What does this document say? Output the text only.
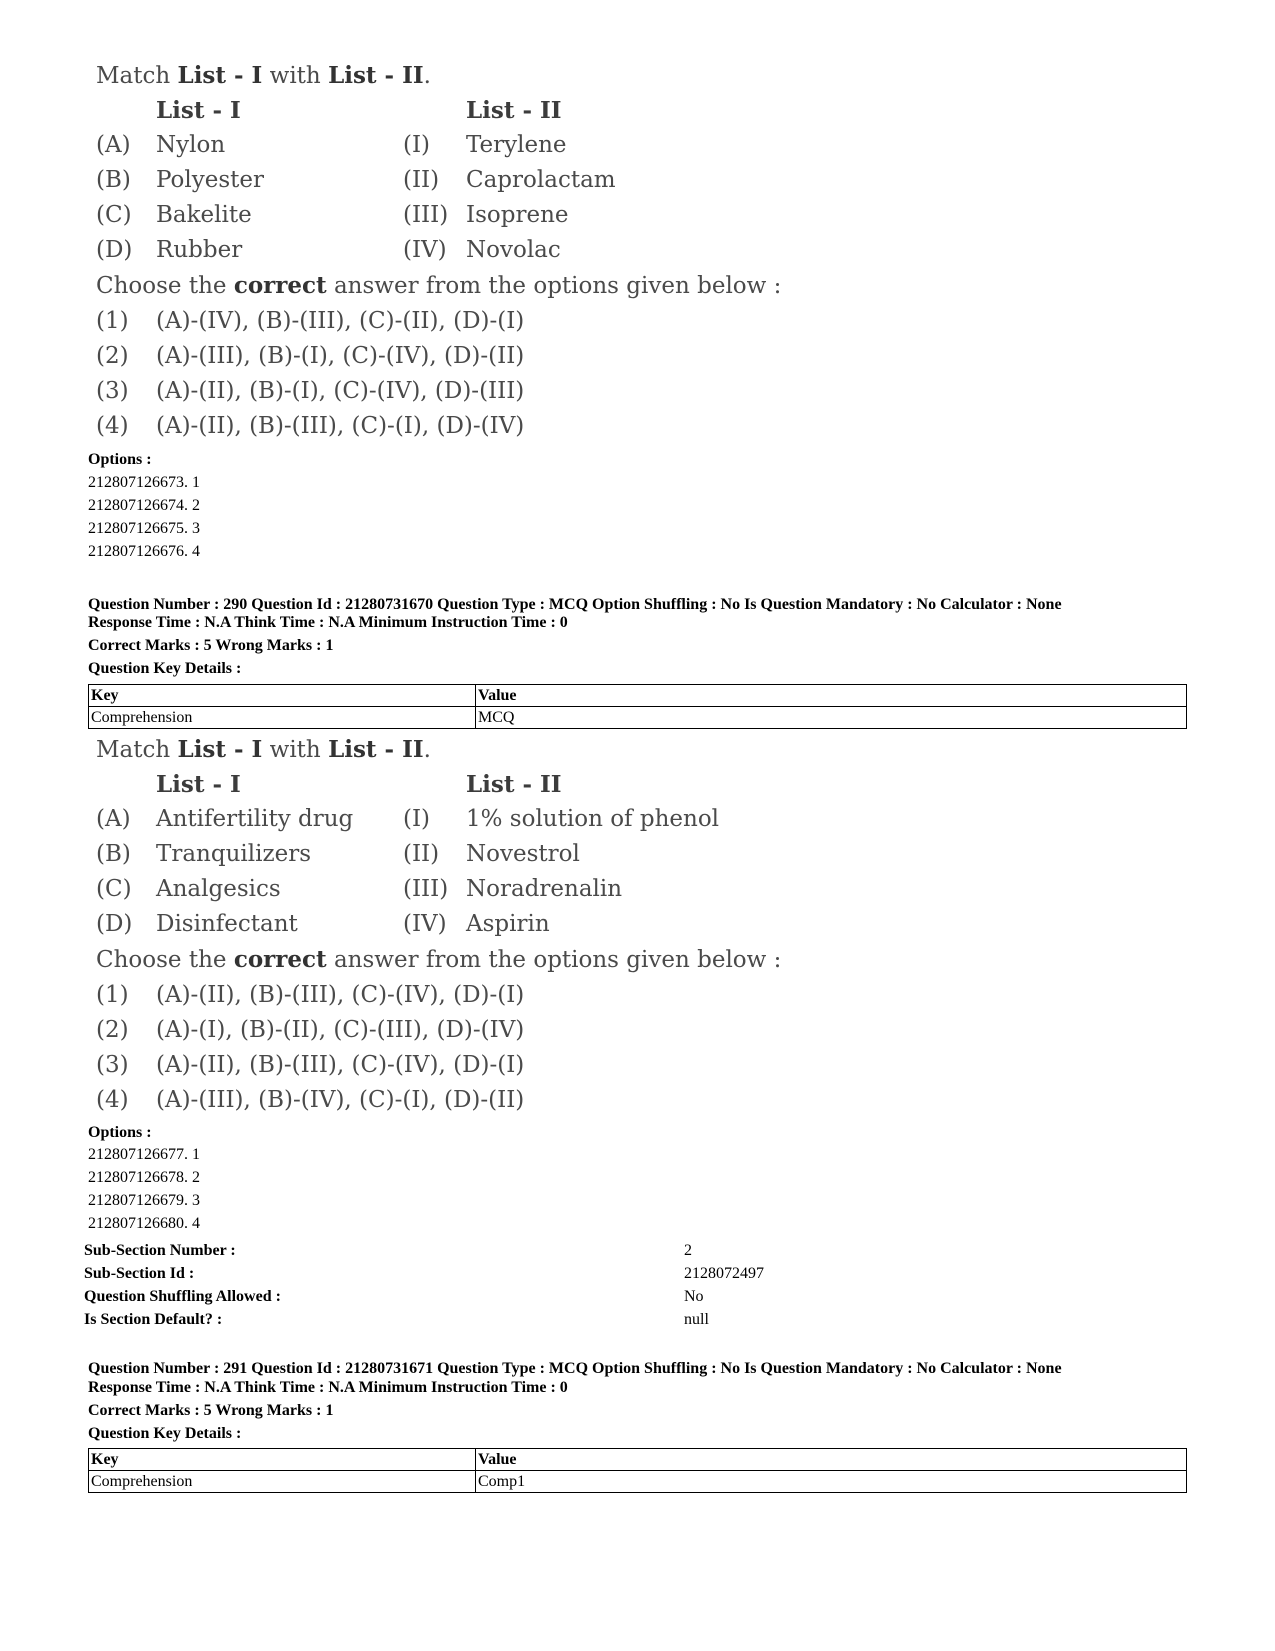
Match List - I with List - II.
List - I	List - II
(A) Nylon	(I) Terylene
(B) Polyester	(II) Caprolactam
(C) Bakelite	(III) Isoprene
(D) Rubber	(IV) Novolac
Choose the correct answer from the options given below :
(1) (A)-(IV), (B)-(III), (C)-(II), (D)-(I)
(2) (A)-(III), (B)-(I), (C)-(IV), (D)-(II)
(3) (A)-(II), (B)-(I), (C)-(IV), (D)-(III)
(4) (A)-(II), (B)-(III), (C)-(I), (D)-(IV)
Options :
212807126673. 1
212807126674. 2
212807126675. 3
212807126676. 4
Question Number : 290 Question Id : 21280731670 Question Type : MCQ Option Shuffling : No Is Question Mandatory : No Calculator : None
Response Time : N.A Think Time : N.A Minimum Instruction Time : 0
Correct Marks : 5 Wrong Marks : 1
Question Key Details :
Key	Value
Comprehension	MCQ
Match List - I with List - II.
List - I	List - II
(A) Antifertility drug (I) 1% solution of phenol
(B) Tranquilizers	(II) Novestrol
(C) Analgesics	(III) Noradrenalin
(D) Disinfectant	(IV) Aspirin
Choose the correct answer from the options given below :
(1) (A)-(II), (B)-(III), (C)-(IV), (D)-(I)
(2) (A)-(I), (B)-(II), (C)-(III), (D)-(IV)
(3) (A)-(II), (B)-(III), (C)-(IV), (D)-(I)
(4) (A)-(III), (B)-(IV), (C)-(I), (D)-(II)
Options :
212807126677. 1
212807126678. 2
212807126679. 3
212807126680. 4
Sub-Section Number :	2
Sub-Section Id :	2128072497
Question Shuffling Allowed :	No
Is Section Default? :	null
Question Number : 291 Question Id : 21280731671 Question Type : MCQ Option Shuffling : No Is Question Mandatory : No Calculator : None
Response Time : N.A Think Time : N.A Minimum Instruction Time : 0
Correct Marks : 5 Wrong Marks : 1
Question Key Details :
Key	Value
Comprehension	Comp1
